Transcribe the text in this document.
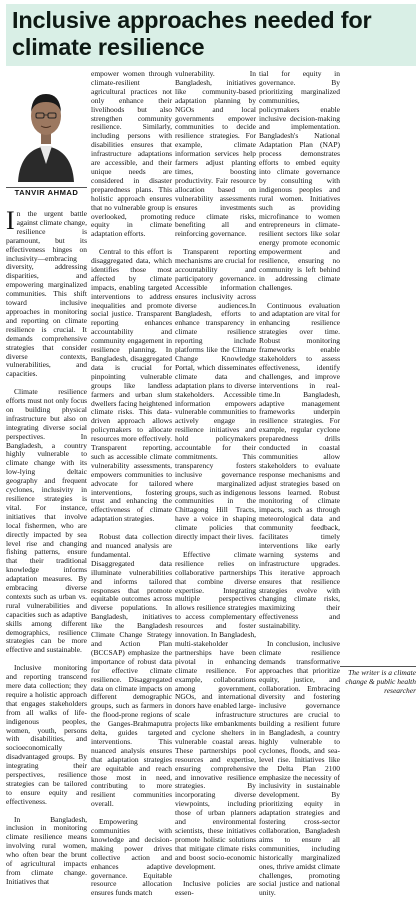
Inclusive approaches needed for climate resilience
TANVIR AHMAD

In the urgent battle against climate change, resilience is paramount, but its effectiveness hinges on inclusivity—embracing diversity, addressing disparities, and empowering marginalized communities. This shift toward inclusive approaches in monitoring and reporting on climate resilience is crucial. It demands comprehensive strategies that consider diverse contexts, vulnerabilities, and capacities.

Climate resilience efforts must not only focus on building physical infrastructure but also on integrating diverse social perspectives. In Bangladesh, a country highly vulnerable to climate change with its low-lying deltaic geography and frequent cyclones, inclusivity in resilience strategies is vital. For instance, initiatives that involve local fishermen, who are directly impacted by sea level rise and changing fishing patterns, ensure that their traditional knowledge informs adaptation measures. By embracing diverse contexts such as urban vs. rural vulnerabilities and capacities such as adaptive skills among different demographics, resilience strategies can be more effective and sustainable.

Inclusive monitoring and reporting transcend mere data collection; they require a holistic approach that engages stakeholders from all walks of life-indigenous peoples, women, youth, persons with disabilities, and socioeconomically disadvantaged groups. By integrating their perspectives, resilience strategies can be tailored to ensure equity and effectiveness.

In Bangladesh, inclusion in monitoring climate resilience means involving rural women, who often bear the brunt of agricultural impacts from climate change. Initiatives that

empower women through climate-resilient agricultural practices not only enhance their livelihoods but also strengthen community resilience. Similarly, including persons with disabilities ensures that infrastructure adaptations are accessible, and their unique needs are considered in disaster preparedness plans. This holistic approach ensures that no vulnerable group is overlooked, promoting equity in climate adaptation efforts.

Central to this effort is disaggregated data, which identifies those most affected by climate impacts, enabling targeted interventions to address inequalities and promote social justice. Transparent reporting enhances accountability and community engagement in resilience planning. In Bangladesh, disaggregated data is crucial for pinpointing vulnerable groups like landless farmers and urban slum dwellers facing heightened climate risks. This data-driven approach allows policymakers to allocate resources more effectively. Transparent reporting, such as accessible climate vulnerability assessments, empowers communities to advocate for tailored interventions, fostering trust and enhancing the effectiveness of climate adaptation strategies.

Robust data collection and nuanced analysis are fundamental. Disaggregated data illuminate vulnerabilities and informs tailored responses that promote equitable outcomes across diverse populations. In Bangladesh, initiatives like the Bangladesh Climate Change Strategy and Action Plan (BCCSAP) emphasize the importance of robust data for effective climate resilience. Disaggregated data on climate impacts on different demographic groups, such as farmers in the flood-prone regions of the Ganges-Brahmaputra delta, guides targeted interventions. This nuanced analysis ensures that adaptation strategies are equitable and reach those most in need, contributing to more resilient communities overall.

Empowering communities with knowledge and decision-making power drives collective action and enhances adaptive governance. Equitable resource allocation ensures funds match

vulnerability. In Bangladesh, initiatives like community-based adaptation planning by NGOs and local governments empower communities to decide resilience strategies. For example, climate information services help farmers adjust planting times, boosting productivity. Fair resource allocation based on vulnerability assessments ensures investments reduce climate risks, benefiting all and reinforcing governance.

Transparent reporting mechanisms are crucial for accountability and participatory governance. Accessible information ensures inclusivity across diverse audiences.In Bangladesh, efforts to enhance transparency in climate resilience reporting include platforms like the Climate Change Knowledge Portal, which disseminates climate data and adaptation plans to diverse stakeholders. Accessible information empowers vulnerable communities to actively engage in resilience initiatives and hold policymakers accountable for their commitments. This transparency fosters inclusive governance where marginalized groups, such as indigenous communities in the Chittagong Hill Tracts, have a voice in shaping climate policies that directly impact their lives.

Effective climate resilience relies on collaborative partnerships that combine diverse expertise. Integrating multiple perspectives allows resilience strategies to access complementary resources and foster innovation. In Bangladesh, multi-stakeholder partnerships have been pivotal in enhancing climate resilience. For example, collaborations among government, NGOs, and international donors have enabled large-scale infrastructure projects like embankments and cyclone shelters in vulnerable coastal areas. These partnerships pool resources and expertise, ensuring comprehensive and innovative resilience strategies. By incorporating diverse viewpoints, including those of urban planners and environmental scientists, these initiatives promote holistic solutions that mitigate climate risks and boost socio-economic development.

Inclusive policies are essen-

tial for equity in governance. By prioritizing marginalized communities, policymakers enable inclusive decision-making and implementation. Bangladesh's National Adaptation Plan (NAP) process demonstrates efforts to embed equity into climate governance by consulting with indigenous peoples and rural women. Initiatives such as providing microfinance to women entrepreneurs in climate-resilient sectors like solar energy promote economic empowerment and resilience, ensuring no community is left behind in addressing climate challenges.

Continuous evaluation and adaptation are vital for enhancing resilience strategies over time. Robust monitoring frameworks enable stakeholders to assess effectiveness, identify challenges, and improve interventions in real-time.In Bangladesh, adaptive management frameworks underpin resilience strategies. For example, regular cyclone preparedness drills conducted in coastal communities allow stakeholders to evaluate response mechanisms and adjust strategies based on lessons learned. Robust monitoring of climate impacts, such as through meteorological data and community feedback, facilitates timely interventions like early warning systems and infrastructure upgrades. This iterative approach ensures that resilience strategies evolve with changing climate risks, maximizing their effectiveness and sustainability.

In conclusion, inclusive climate resilience demands transformative approaches that prioritize equity, justice, and collaboration. Embracing diversity and fostering inclusive governance structures are crucial to building a resilient future in Bangladesh, a country highly vulnerable to cyclones, floods, and sea-level rise. Initiatives like the Delta Plan 2100 emphasize the necessity of inclusivity in sustainable development. By prioritizing equity in adaptation strategies and fostering cross-sector collaboration, Bangladesh aims to ensure all communities, including historically marginalized ones, thrive amidst climate challenges, promoting social justice and national unity.

The writer is a climate change & public health researcher
